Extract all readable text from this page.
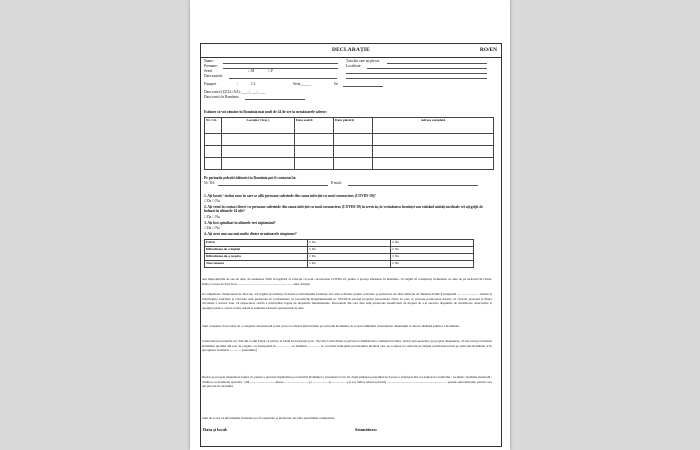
DECLARAȚIE	RO/EN
Nume:
Prenume:
Sexul	□ M	□ F
Data nașterii:
Țara din care ați plecat:
Localitate:
Pașaport	/	C.I.	Seria______	Nr.
Data sosirii (ZZ/LL/AA): ____/____/____
Data sosirii în România:
Estimez că voi rămâne în România mai mult de 24 de ore la următoarele adrese:
Nr. Crt.	Locația ( Oraș )	Data sosirii	Data plecării	Adresa completă

Pe perioada șederii/călătoriei în România pot fi contactat la:
Nr. Tel:	E-mail:
1. Ați locuit / vizitat zone în care se află persoane suferinde din cauza infecției cu noul coronavirus (COVID-19)?
□ Da □ Nu
2. Ați venit în contact direct cu persoane suferinde din cauza infecției cu noul coronavirus (COVID-19) în serviciu, în vecinătatea locuinței sau vizitând unități medicale cei ați grijit de bolnavi în ultimele 14 zile?
□ Da □ Nu
3. Ați fost spitalizat în ultimele trei săptămâni?
□ Da □ Nu
4. Ați avut una sau mai multe dintre următoarele simptome?
Febră	□ Da	□ Nu
Dificultatea de a înghiți	□ Da	□ Nu
Dificultatea de a respira	□ Da	□ Nu
Tuse intensă	□ Da	□ Nu
Am împrejurările de sus de date, de asemenea 2020 în legătură cu infecția cu noul coronavirus COVID-19, pentru a proteja sănătatea în România, vă rugăm să completați formularul cu date de pe teritoriul în China, Italia, Coreea de Sud, Iran ................................................................... sunt obligați
să completeze chestionarul de mai sus. Vă rugăm să estimați că datele și informațiile furnizate aici sunt solicitate pentru colectare și prelucrare de către Direcția de Sănătate Publică Județeană ........................... Datele și informațiile solicitate și colectate sunt prelucrate în conformitate cu prevederile Regulamentului nr. 679/2016 privind protecția persoanelor fizice în ceea ce privește prelucrarea datelor cu caracter personal și libera circulație a acestor date, vă respectarea strictă a principiilor legate de drepturile fundamentale. Persoanele din care date sunt prelucrate beneficiază de dreptul de a-și exercita drepturile de modificare, intervenție și opoziție printr-o cerere scrisă, datată și semnată adresată operatorului de date.
Sunt conștient că un refuz de a completa chestionarul poate provoca refuzul intrării mele pe teritoriul României, în scopul eliminării eventualelor amenințări la adresa sănătății publice a României.
Cunoscând prevederile art. 326 din Codul Penal cu privire la falsul în declarații și art. 352 din Codul Penal cu privire la zădărnicirea combaterii bolilor, declar prin prezenta, pe proprie răspundere, că am sosit pe teritoriul României plecând din țara de origine, cu transportul în ................. cu numărul ............... și voi urma indicațiile personalului medical care ne-a expus la controlul pe timpul sosirii/întoarcerii pe teritoriul României și în apropierea frontierei .............. (denumire)
Declar pe propria răspundere faptul că, pentru a preveni răspândirea pe teritoriul României a virusului Covid-19, după părăsirea punctului de trecere a frontierei mă voi deplasa la domiciliu / locuință / instituție medicală / clădirea cu destinație specială / altă ............................. adresa ............................. (a .................. și ..................) și voi indica adresa (exactă) ......................................................................... pentru autovehiculul, pentru care am plecare în carantină.
Sunt de acord că informațiile furnizate pot fi consultate și prelucrate de către autoritățile competente.
Data și locul:	Semnătura:
